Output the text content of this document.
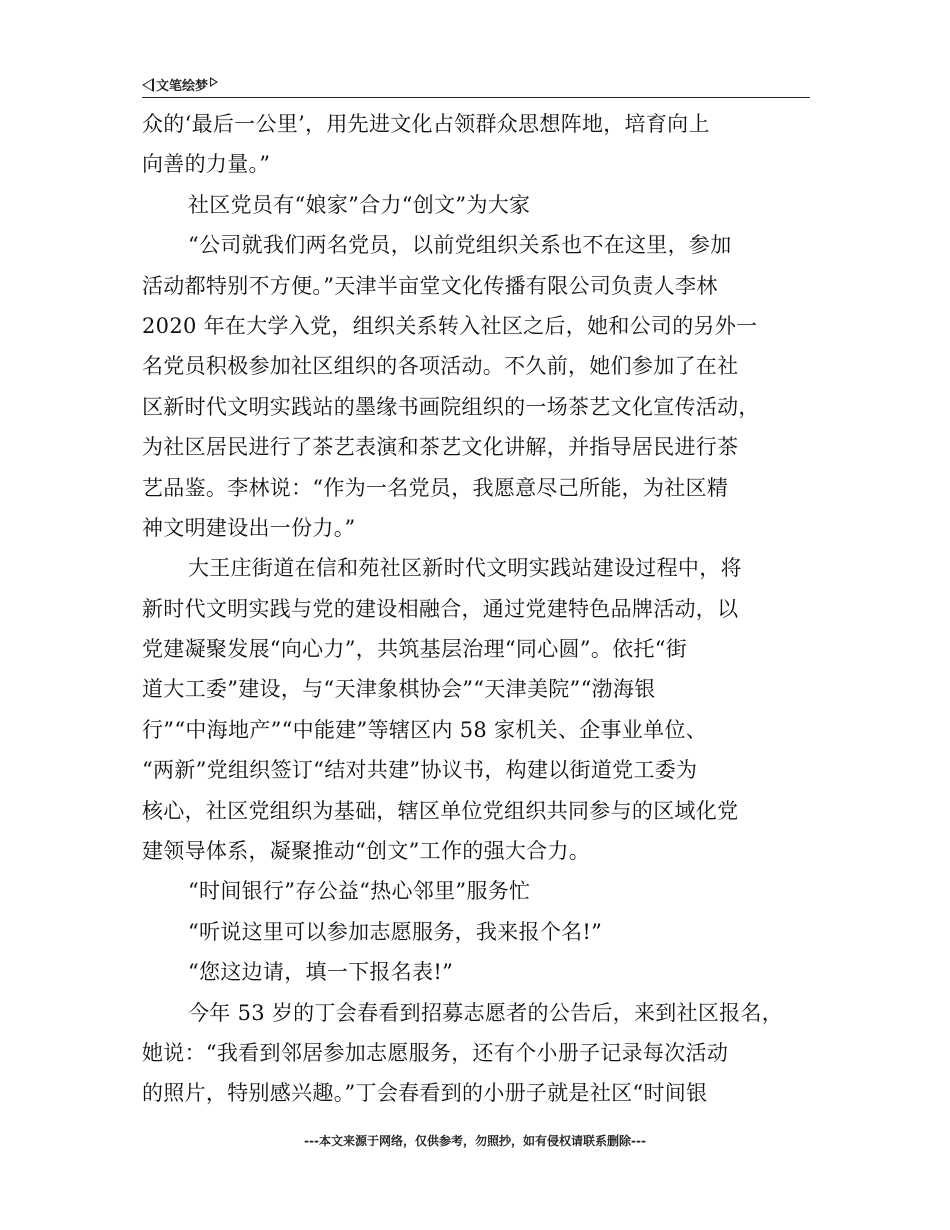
文笔绘梦
众的‘最后一公里’，用先进文化占领群众思想阵地，培育向上
向善的力量。”
社区党员有“娘家”合力“创文”为大家
“公司就我们两名党员，以前党组织关系也不在这里，参加
活动都特别不方便。”天津半亩堂文化传播有限公司负责人李林
2020 年在大学入党，组织关系转入社区之后，她和公司的另外一
名党员积极参加社区组织的各项活动。不久前，她们参加了在社
区新时代文明实践站的墨缘书画院组织的一场茶艺文化宣传活动，
为社区居民进行了茶艺表演和茶艺文化讲解，并指导居民进行茶
艺品鉴。李林说：“作为一名党员，我愿意尽己所能，为社区精
神文明建设出一份力。”
大王庄街道在信和苑社区新时代文明实践站建设过程中，将
新时代文明实践与党的建设相融合，通过党建特色品牌活动，以
党建凝聚发展“向心力”，共筑基层治理“同心圆”。依托“街
道大工委”建设，与“天津象棋协会”“天津美院”“渤海银
行”“中海地产”“中能建”等辖区内 58 家机关、企事业单位、
“两新”党组织签订“结对共建”协议书，构建以街道党工委为
核心，社区党组织为基础，辖区单位党组织共同参与的区域化党
建领导体系，凝聚推动“创文”工作的强大合力。
“时间银行”存公益“热心邻里”服务忙
“听说这里可以参加志愿服务，我来报个名!”
“您这边请，填一下报名表!”
今年 53 岁的丁会春看到招募志愿者的公告后，来到社区报名，
她说：“我看到邻居参加志愿服务，还有个小册子记录每次活动
的照片，特别感兴趣。”丁会春看到的小册子就是社区“时间银
---本文来源于网络，仅供参考，勿照抄，如有侵权请联系删除---
